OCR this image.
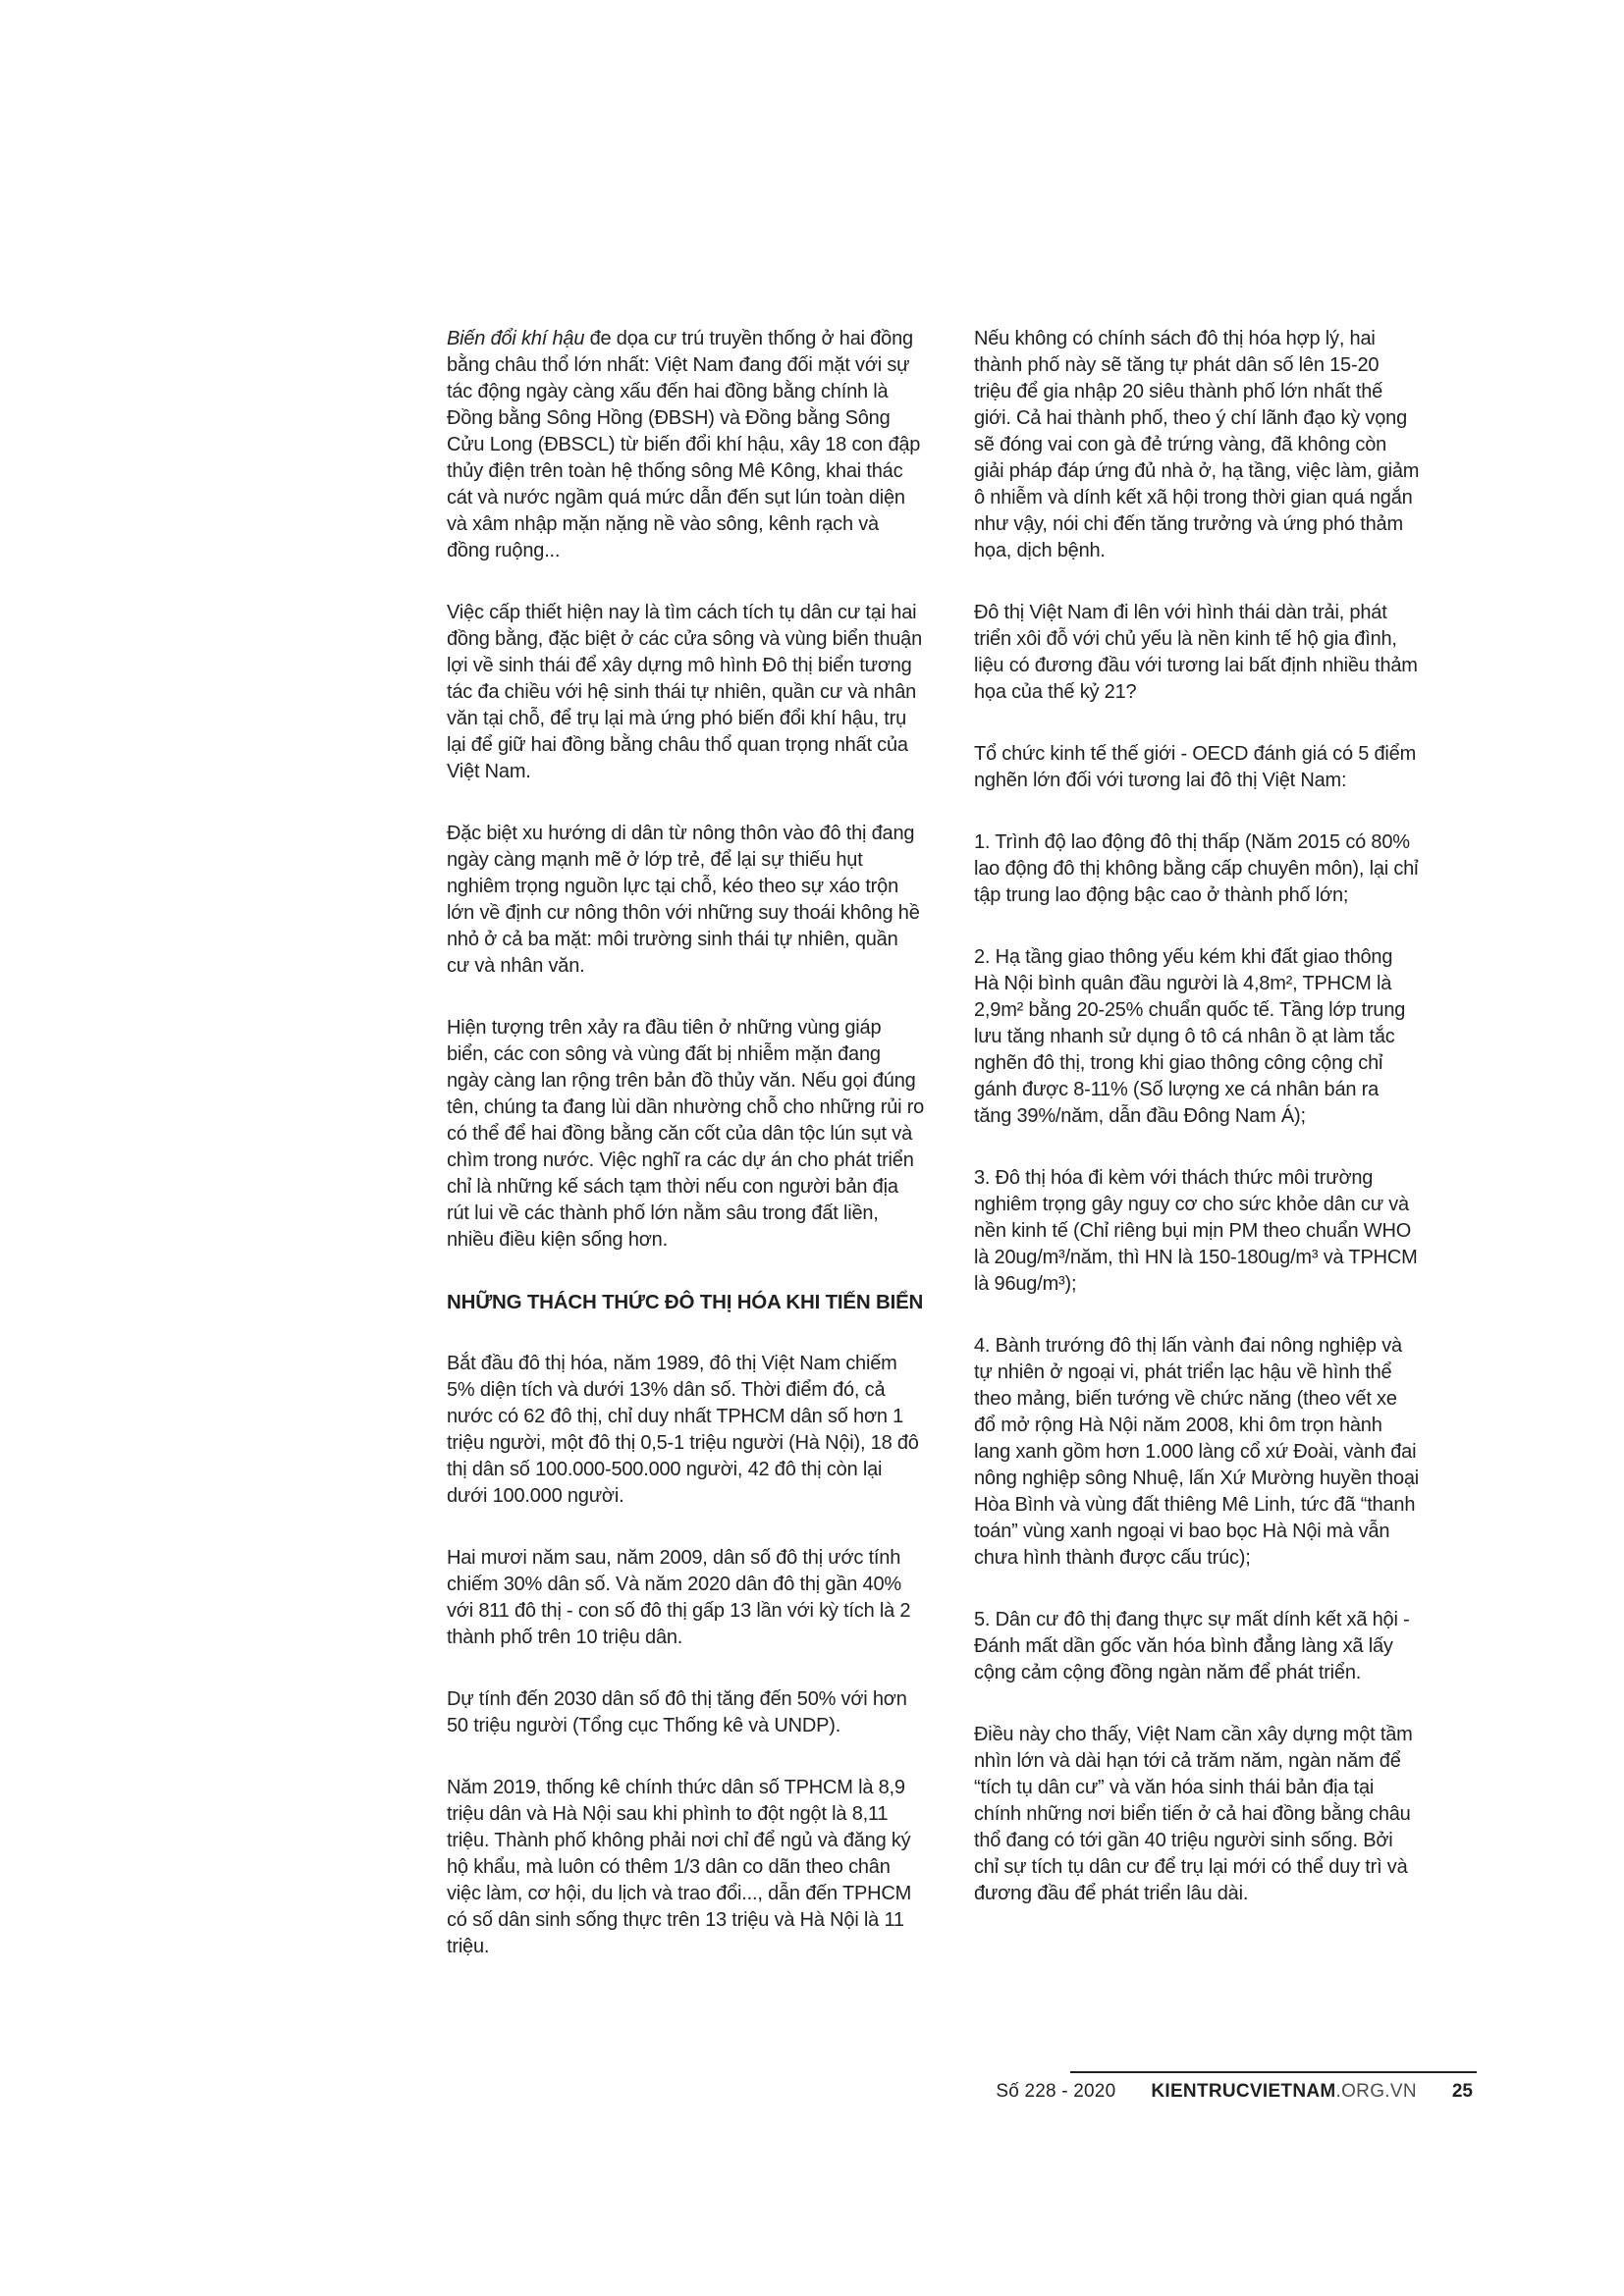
Biến đổi khí hậu đe dọa cư trú truyền thống ở hai đồng bằng châu thổ lớn nhất: Việt Nam đang đối mặt với sự tác động ngày càng xấu đến hai đồng bằng chính là Đồng bằng Sông Hồng (ĐBSH) và Đồng bằng Sông Cửu Long (ĐBSCL) từ biến đổi khí hậu, xây 18 con đập thủy điện trên toàn hệ thống sông Mê Kông, khai thác cát và nước ngầm quá mức dẫn đến sụt lún toàn diện và xâm nhập mặn nặng nề vào sông, kênh rạch và đồng ruộng...

Việc cấp thiết hiện nay là tìm cách tích tụ dân cư tại hai đồng bằng, đặc biệt ở các cửa sông và vùng biển thuận lợi về sinh thái để xây dựng mô hình Đô thị biển tương tác đa chiều với hệ sinh thái tự nhiên, quần cư và nhân văn tại chỗ, để trụ lại mà ứng phó biến đổi khí hậu, trụ lại để giữ hai đồng bằng châu thổ quan trọng nhất của Việt Nam.

Đặc biệt xu hướng di dân từ nông thôn vào đô thị đang ngày càng mạnh mẽ ở lớp trẻ, để lại sự thiếu hụt nghiêm trọng nguồn lực tại chỗ, kéo theo sự xáo trộn lớn về định cư nông thôn với những suy thoái không hề nhỏ ở cả ba mặt: môi trường sinh thái tự nhiên, quần cư và nhân văn.

Hiện tượng trên xảy ra đầu tiên ở những vùng giáp biển, các con sông và vùng đất bị nhiễm mặn đang ngày càng lan rộng trên bản đồ thủy văn. Nếu gọi đúng tên, chúng ta đang lùi dần nhường chỗ cho những rủi ro có thể để hai đồng bằng căn cốt của dân tộc lún sụt và chìm trong nước. Việc nghĩ ra các dự án cho phát triển chỉ là những kế sách tạm thời nếu con người bản địa rút lui về các thành phố lớn nằm sâu trong đất liền, nhiều điều kiện sống hơn.

NHỮNG THÁCH THỨC ĐÔ THỊ HÓA KHI TIẾN BIỂN

Bắt đầu đô thị hóa, năm 1989, đô thị Việt Nam chiếm 5% diện tích và dưới 13% dân số. Thời điểm đó, cả nước có 62 đô thị, chỉ duy nhất TPHCM dân số hơn 1 triệu người, một đô thị 0,5-1 triệu người (Hà Nội), 18 đô thị dân số 100.000-500.000 người, 42 đô thị còn lại dưới 100.000 người.

Hai mươi năm sau, năm 2009, dân số đô thị ước tính chiếm 30% dân số. Và năm 2020 dân đô thị gần 40% với 811 đô thị - con số đô thị gấp 13 lần với kỳ tích là 2 thành phố trên 10 triệu dân.

Dự tính đến 2030 dân số đô thị tăng đến 50% với hơn 50 triệu người (Tổng cục Thống kê và UNDP).

Năm 2019, thống kê chính thức dân số TPHCM là 8,9 triệu dân và Hà Nội sau khi phình to đột ngột là 8,11 triệu. Thành phố không phải nơi chỉ để ngủ và đăng ký hộ khẩu, mà luôn có thêm 1/3 dân co dãn theo chân việc làm, cơ hội, du lịch và trao đổi..., dẫn đến TPHCM có số dân sinh sống thực trên 13 triệu và Hà Nội là 11 triệu.

Nếu không có chính sách đô thị hóa hợp lý, hai thành phố này sẽ tăng tự phát dân số lên 15-20 triệu để gia nhập 20 siêu thành phố lớn nhất thế giới. Cả hai thành phố, theo ý chí lãnh đạo kỳ vọng sẽ đóng vai con gà đẻ trứng vàng, đã không còn giải pháp đáp ứng đủ nhà ở, hạ tầng, việc làm, giảm ô nhiễm và dính kết xã hội trong thời gian quá ngắn như vậy, nói chi đến tăng trưởng và ứng phó thảm họa, dịch bệnh.

Đô thị Việt Nam đi lên với hình thái dàn trải, phát triển xôi đỗ với chủ yếu là nền kinh tế hộ gia đình, liệu có đương đầu với tương lai bất định nhiều thảm họa của thế kỷ 21?

Tổ chức kinh tế thế giới - OECD đánh giá có 5 điểm nghẽn lớn đối với tương lai đô thị Việt Nam:

1. Trình độ lao động đô thị thấp (Năm 2015 có 80% lao động đô thị không bằng cấp chuyên môn), lại chỉ tập trung lao động bậc cao ở thành phố lớn;

2. Hạ tầng giao thông yếu kém khi đất giao thông Hà Nội bình quân đầu người là 4,8m², TPHCM là 2,9m² bằng 20-25% chuẩn quốc tế. Tầng lớp trung lưu tăng nhanh sử dụng ô tô cá nhân ồ ạt làm tắc nghẽn đô thị, trong khi giao thông công cộng chỉ gánh được 8-11% (Số lượng xe cá nhân bán ra tăng 39%/năm, dẫn đầu Đông Nam Á);

3. Đô thị hóa đi kèm với thách thức môi trường nghiêm trọng gây nguy cơ cho sức khỏe dân cư và nền kinh tế (Chỉ riêng bụi mịn PM theo chuẩn WHO là 20ug/m³/năm, thì HN là 150-180ug/m³ và TPHCM là 96ug/m³);

4. Bành trướng đô thị lấn vành đai nông nghiệp và tự nhiên ở ngoại vi, phát triển lạc hậu về hình thể theo mảng, biến tướng về chức năng (theo vết xe đổ mở rộng Hà Nội năm 2008, khi ôm trọn hành lang xanh gồm hơn 1.000 làng cổ xứ Đoài, vành đai nông nghiệp sông Nhuệ, lấn Xứ Mường huyền thoại Hòa Bình và vùng đất thiêng Mê Linh, tức đã “thanh toán” vùng xanh ngoại vi bao bọc Hà Nội mà vẫn chưa hình thành được cấu trúc);

5. Dân cư đô thị đang thực sự mất dính kết xã hội - Đánh mất dần gốc văn hóa bình đẳng làng xã lấy cộng cảm cộng đồng ngàn năm để phát triển.

Điều này cho thấy, Việt Nam cần xây dựng một tầm nhìn lớn và dài hạn tới cả trăm năm, ngàn năm để “tích tụ dân cư” và văn hóa sinh thái bản địa tại chính những nơi biển tiến ở cả hai đồng bằng châu thổ đang có tới gần 40 triệu người sinh sống. Bởi chỉ sự tích tụ dân cư để trụ lại mới có thể duy trì và đương đầu để phát triển lâu dài.

Số 228 - 2020	KIENTRUCVIETNAM.ORG.VN	25
